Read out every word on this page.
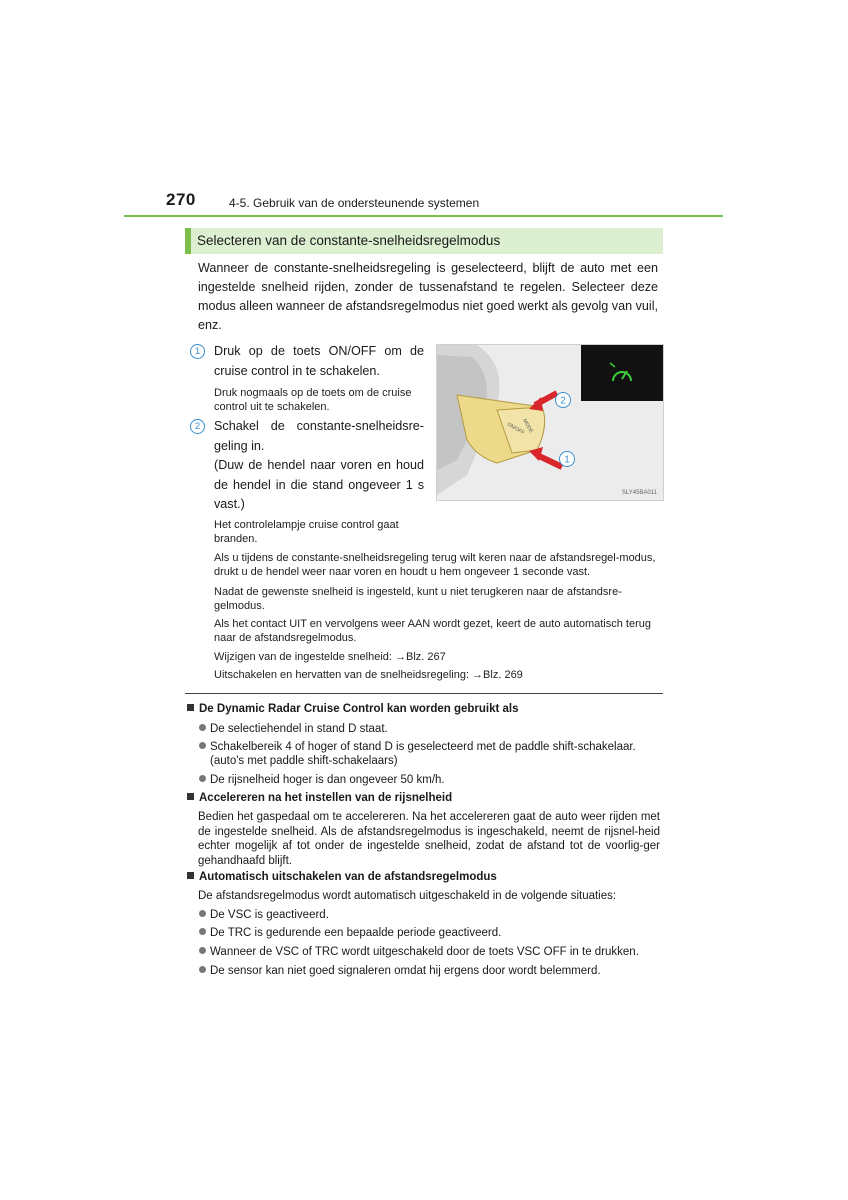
270	4-5. Gebruik van de ondersteunende systemen
Selecteren van de constante-snelheidsregelmodus
Wanneer de constante-snelheidsregeling is geselecteerd, blijft de auto met een ingestelde snelheid rijden, zonder de tussenafstand te regelen. Selecteer deze modus alleen wanneer de afstandsregelmodus niet goed werkt als gevolg van vuil, enz.
1	Druk op de toets ON/OFF om de cruise control in te schakelen.
Druk nogmaals op de toets om de cruise control uit te schakelen.
2	Schakel de constante-snelheidsre-geling in.
(Duw de hendel naar voren en houd de hendel in die stand ongeveer 1 s vast.)
Het controlelampje cruise control gaat branden.
ON/OFF
MODE
2
1
SLY45BA011
Als u tijdens de constante-snelheidsregeling terug wilt keren naar de afstandsregel-modus, drukt u de hendel weer naar voren en houdt u hem ongeveer 1 seconde vast.
Nadat de gewenste snelheid is ingesteld, kunt u niet terugkeren naar de afstandsre-gelmodus.
Als het contact UIT en vervolgens weer AAN wordt gezet, keert de auto automatisch terug naar de afstandsregelmodus.
Wijzigen van de ingestelde snelheid: →Blz. 267
Uitschakelen en hervatten van de snelheidsregeling: →Blz. 269
De Dynamic Radar Cruise Control kan worden gebruikt als
De selectiehendel in stand D staat.
Schakelbereik 4 of hoger of stand D is geselecteerd met de paddle shift-schakelaar.
(auto's met paddle shift-schakelaars)
De rijsnelheid hoger is dan ongeveer 50 km/h.
Accelereren na het instellen van de rijsnelheid
Bedien het gaspedaal om te accelereren. Na het accelereren gaat de auto weer rijden met de ingestelde snelheid. Als de afstandsregelmodus is ingeschakeld, neemt de rijsnel-heid echter mogelijk af tot onder de ingestelde snelheid, zodat de afstand tot de voorlig-ger gehandhaafd blijft.
Automatisch uitschakelen van de afstandsregelmodus
De afstandsregelmodus wordt automatisch uitgeschakeld in de volgende situaties:
De VSC is geactiveerd.
De TRC is gedurende een bepaalde periode geactiveerd.
Wanneer de VSC of TRC wordt uitgeschakeld door de toets VSC OFF in te drukken.
De sensor kan niet goed signaleren omdat hij ergens door wordt belemmerd.
